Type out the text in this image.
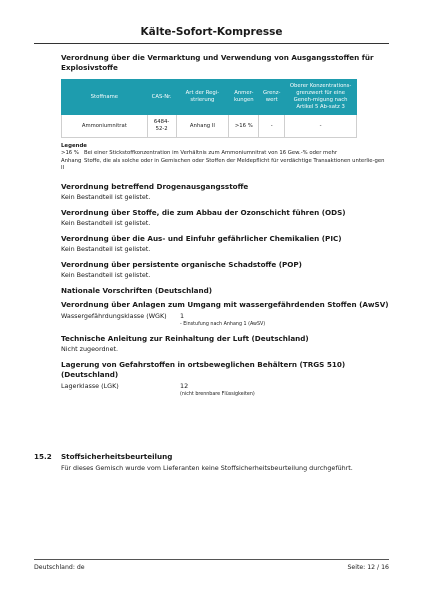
Kälte-Sofort-Kompresse
Verordnung über die Vermarktung und Verwendung von Ausgangsstoffen für Explosivstoffe
Stoffname	CAS-Nr.	Art der Regi-strierung	Anmer-kungen	Grenz-wert	Oberer Konzentrations-grenzwert für eine Geneh-migung nach Artikel 5 Ab-satz 3
Ammoniumnitrat	6484-52-2	Anhang II	>16 %	-	-
Legende
>16 % Bei einer Stickstoffkonzentration im Verhältnis zum Ammoniumnitrat von 16 Gew.-% oder mehr
Anhang II
Stoffe, die als solche oder in Gemischen oder Stoffen der Meldepflicht für verdächtige Transaktionen unterlie-gen
Verordnung betreffend Drogenausgangsstoffe
Kein Bestandteil ist gelistet.
Verordnung über Stoffe, die zum Abbau der Ozonschicht führen (ODS)
Kein Bestandteil ist gelistet.
Verordnung über die Aus- und Einfuhr gefährlicher Chemikalien (PIC)
Kein Bestandteil ist gelistet.
Verordnung über persistente organische Schadstoffe (POP)
Kein Bestandteil ist gelistet.
Nationale Vorschriften (Deutschland)
Verordnung über Anlagen zum Umgang mit wassergefährdenden Stoffen (AwSV)
Wassergefährdungsklasse (WGK)	1
- Einstufung nach Anhang 1 (AwSV)
Technische Anleitung zur Reinhaltung der Luft (Deutschland)
Nicht zugeordnet.
Lagerung von Gefahrstoffen in ortsbeweglichen Behältern (TRGS 510) (Deutschland)
Lagerklasse (LGK)	12
(nicht brennbare Flüssigkeiten)
15.2	Stoffsicherheitsbeurteilung
Für dieses Gemisch wurde vom Lieferanten keine Stoffsicherheitsbeurteilung durchgeführt.
Deutschland: de	Seite: 12 / 16
